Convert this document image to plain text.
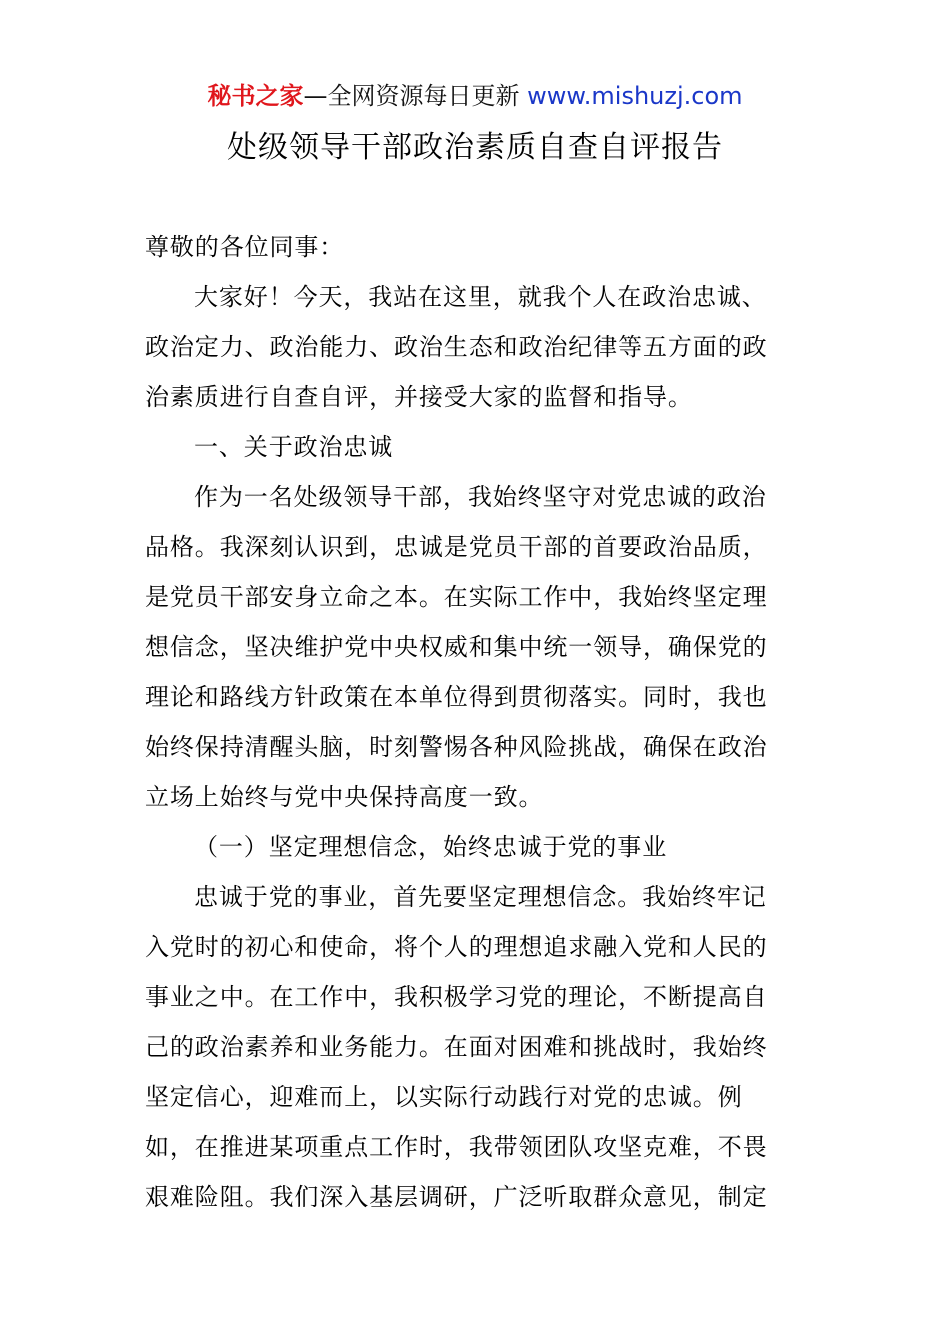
秘书之家—全网资源每日更新 www.mishuzj.com
处级领导干部政治素质自查自评报告

尊敬的各位同事：

大家好！今天，我站在这里，就我个人在政治忠诚、
政治定力、政治能力、政治生态和政治纪律等五方面的政
治素质进行自查自评，并接受大家的监督和指导。

一、关于政治忠诚

作为一名处级领导干部，我始终坚守对党忠诚的政治
品格。我深刻认识到，忠诚是党员干部的首要政治品质，
是党员干部安身立命之本。在实际工作中，我始终坚定理
想信念，坚决维护党中央权威和集中统一领导，确保党的
理论和路线方针政策在本单位得到贯彻落实。同时，我也
始终保持清醒头脑，时刻警惕各种风险挑战，确保在政治
立场上始终与党中央保持高度一致。

（一）坚定理想信念，始终忠诚于党的事业

忠诚于党的事业，首先要坚定理想信念。我始终牢记
入党时的初心和使命，将个人的理想追求融入党和人民的
事业之中。在工作中，我积极学习党的理论，不断提高自
己的政治素养和业务能力。在面对困难和挑战时，我始终
坚定信心，迎难而上，以实际行动践行对党的忠诚。例
如，在推进某项重点工作时，我带领团队攻坚克难，不畏
艰难险阻。我们深入基层调研，广泛听取群众意见，制定
